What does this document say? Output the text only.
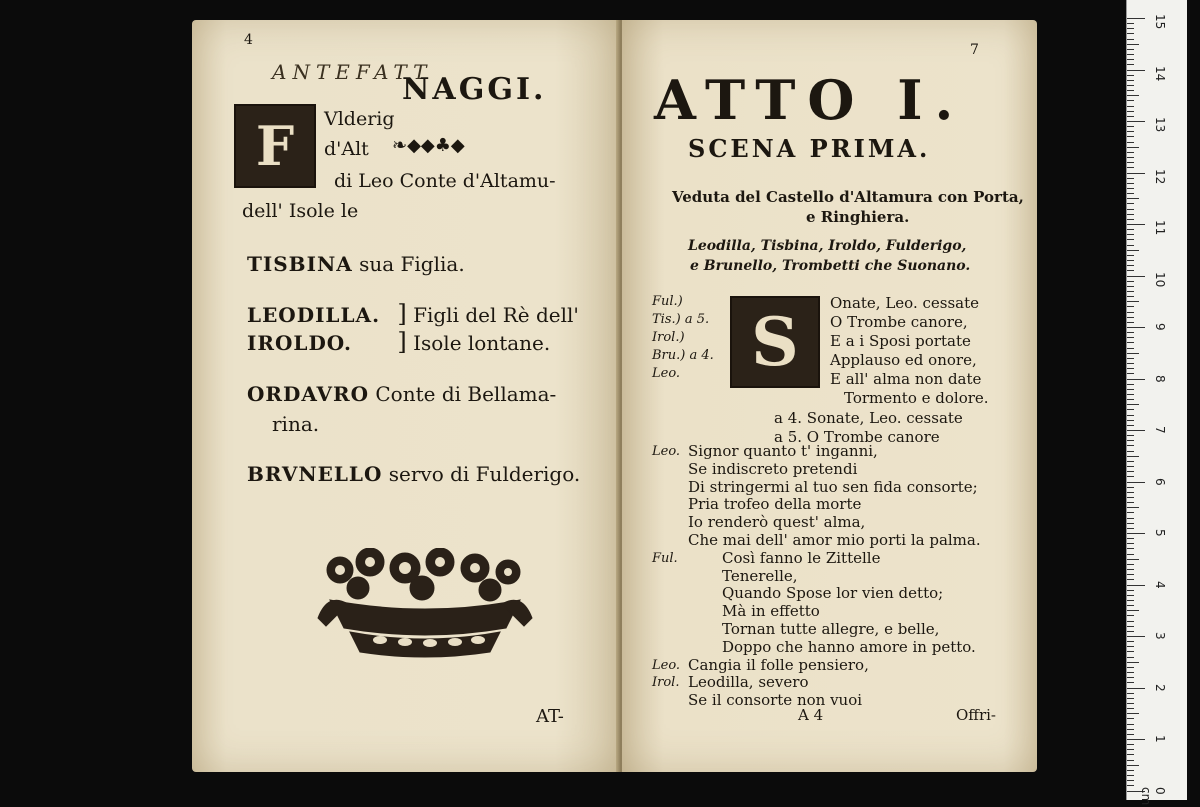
4
ANTEFATT
NAGGI.
F Vlderig
d'Alt ❧◆◆♣◆
di Leo Conte d'Altamu-
dell' Isole le
TISBINA sua Figlia.
LEODILLA. ] Figli del Rè dell'
IROLDO. ] Isole lontane.
ORDAVRO Conte di Bellama-
rina.
BRVNELLO servo di Fulderigo.
AT-
7
ATTO I.
SCENA PRIMA.
Veduta del Castello d'Altamura con Porta,
e Ringhiera.
Leodilla, Tisbina, Iroldo, Fulderigo,
e Brunello, Trombetti che Suonano.
S
Ful.)
Tis.) a 5.
Irol.)
Bru.) a 4.
Leo.
Onate, Leo. cessate
O Trombe canore,
E a i Sposi portate
Applauso ed onore,
E all' alma non date
Tormento e dolore.
a 4. Sonate, Leo. cessate
a 5. O Trombe canore
Leo. Signor quanto t' inganni,
Se indiscreto pretendi
Di stringermi al tuo sen fida consorte;
Pria trofeo della morte
Io renderò quest' alma,
Che mai dell' amor mio porti la palma.
Ful.	Così fanno le Zittelle
Tenerelle,
Quando Spose lor vien detto;
Mà in effetto
Tornan tutte allegre, e belle,
Doppo che hanno amore in petto.
Leo. Cangia il folle pensiero,
Irol. Leodilla, severo
Se il consorte non vuoi
A 4	Offri-
15
14
13
12
11
10
9
8
7
6
5
4
3
2
1
0 cm
